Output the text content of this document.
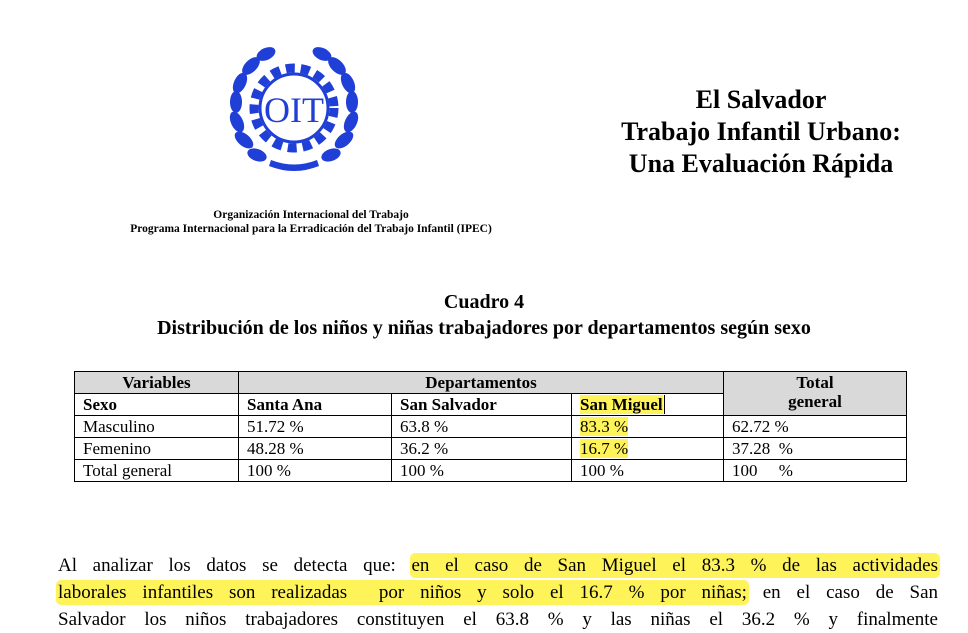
OIT
Organización Internacional del Trabajo
Programa Internacional para la Erradicación del Trabajo Infantil (IPEC)
El Salvador
Trabajo Infantil Urbano:
Una Evaluación Rápida
Cuadro 4
Distribución de los niños y niñas trabajadores por departamentos según sexo
Variables	Departamentos			Total
general

Sexo	Santa Ana	San Salvador	San Miguel	
Masculino	51.72 %	63.8 %	83.3 %	62.72 %
Femenino	48.28 %	36.2 %	16.7 %	37.28  %
Total general	100 %	100 %	100 %	100     %
Al analizar los datos se detecta que: en el caso de San Miguel el 83.3 % de las actividades
laborales infantiles son realizadas  por niños y solo el 16.7 % por niñas; en el caso de San
Salvador los niños trabajadores constituyen el 63.8 % y las niñas el 36.2 % y finalmente
